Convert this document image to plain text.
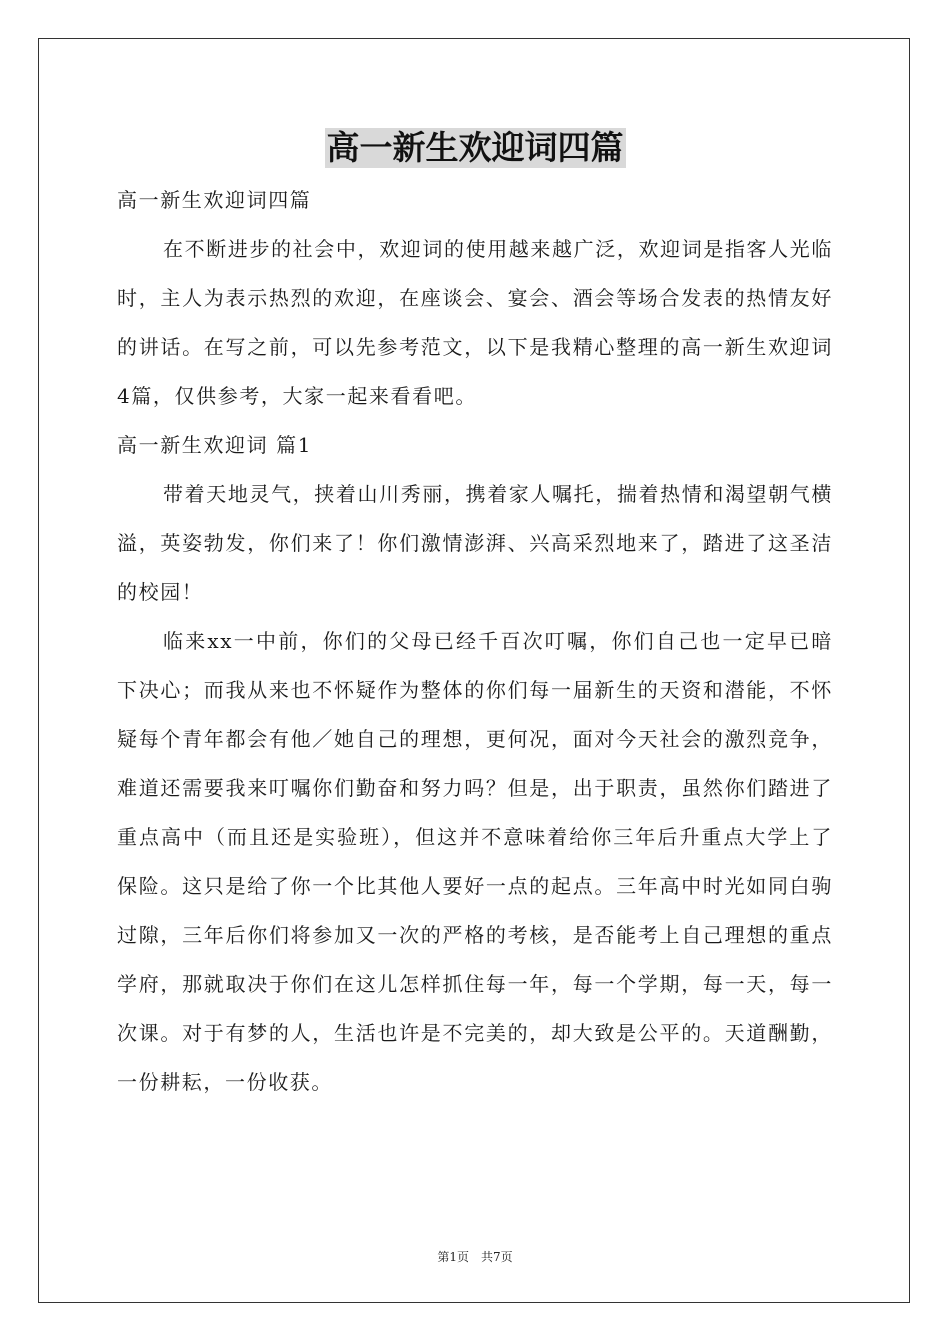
高一新生欢迎词四篇

高一新生欢迎词四篇

在不断进步的社会中，欢迎词的使用越来越广泛，欢迎词是指客人光临时，主人为表示热烈的欢迎，在座谈会、宴会、酒会等场合发表的热情友好的讲话。在写之前，可以先参考范文，以下是我精心整理的高一新生欢迎词4篇，仅供参考，大家一起来看看吧。

高一新生欢迎词 篇1

带着天地灵气，挟着山川秀丽，携着家人嘱托，揣着热情和渴望朝气横溢，英姿勃发，你们来了！你们激情澎湃、兴高采烈地来了，踏进了这圣洁的校园！

临来xx一中前，你们的父母已经千百次叮嘱，你们自己也一定早已暗下决心；而我从来也不怀疑作为整体的你们每一届新生的天资和潜能，不怀疑每个青年都会有他／她自己的理想，更何况，面对今天社会的激烈竞争，难道还需要我来叮嘱你们勤奋和努力吗？但是，出于职责，虽然你们踏进了重点高中（而且还是实验班），但这并不意味着给你三年后升重点大学上了保险。这只是给了你一个比其他人要好一点的起点。三年高中时光如同白驹过隙，三年后你们将参加又一次的严格的考核，是否能考上自己理想的重点学府，那就取决于你们在这儿怎样抓住每一年，每一个学期，每一天，每一次课。对于有梦的人，生活也许是不完美的，却大致是公平的。天道酬勤，一份耕耘，一份收获。

第1页　共7页
